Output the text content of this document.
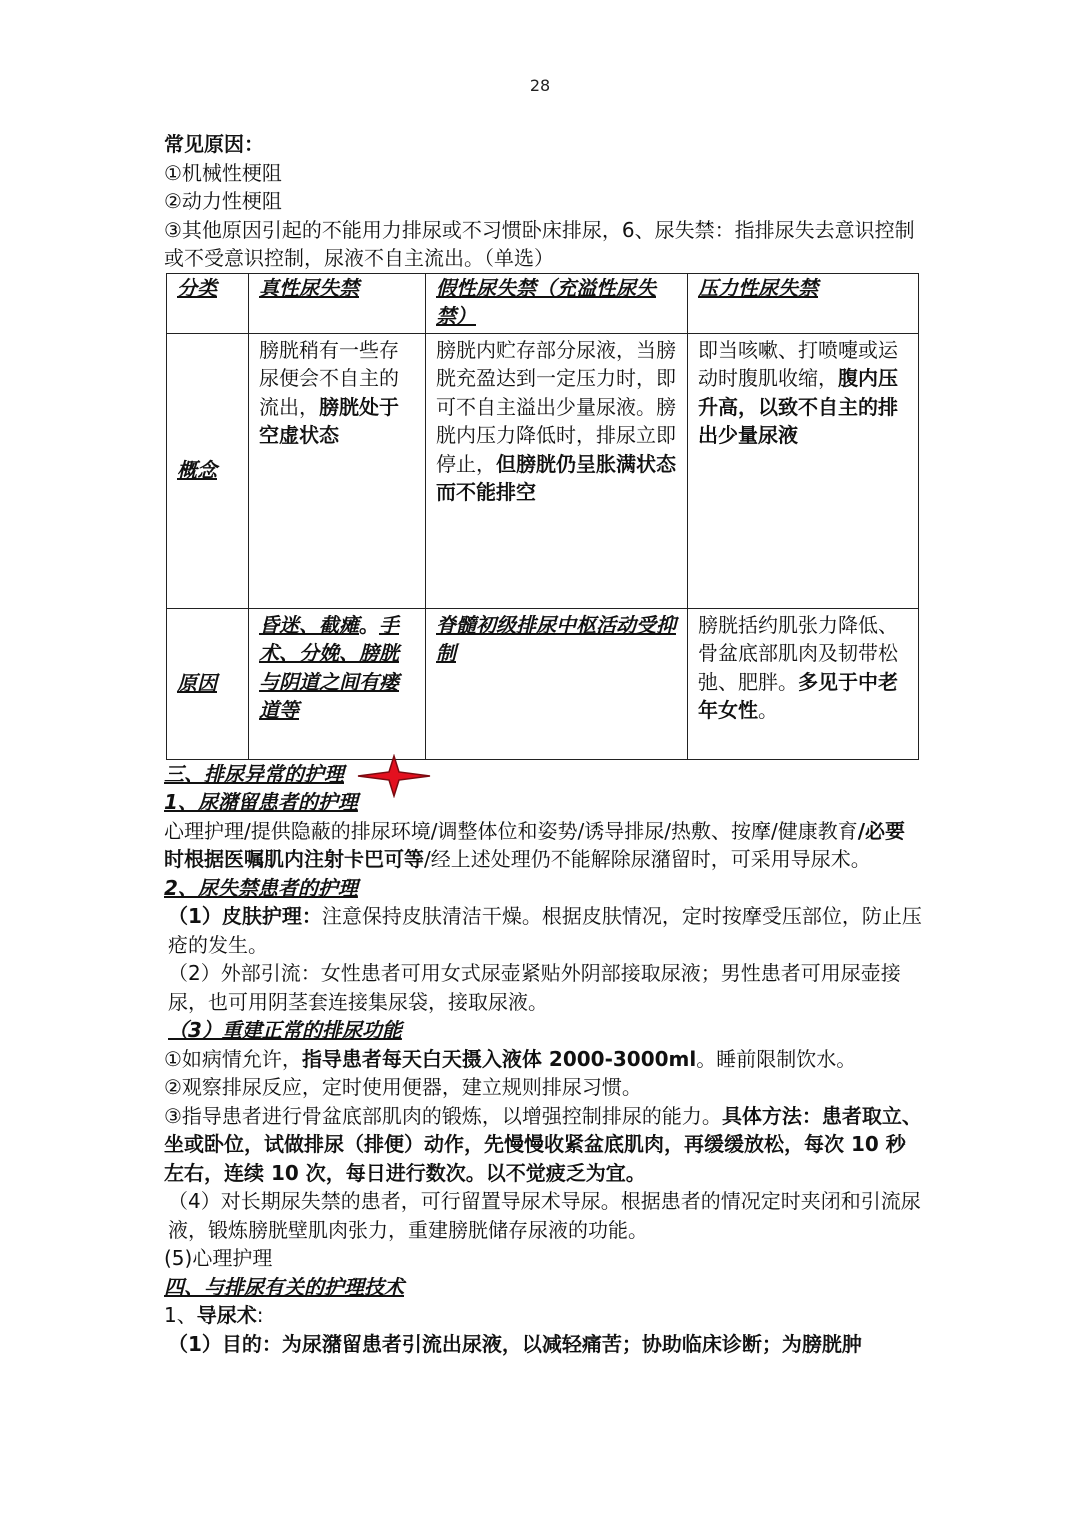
28
常见原因：
①机械性梗阻
②动力性梗阻
③其他原因引起的不能用力排尿或不习惯卧床排尿，6、尿失禁：指排尿失去意识控制或不受意识控制，尿液不自主流出。（单选）
分类	真性尿失禁	假性尿失禁（充溢性尿失禁）	压力性尿失禁

概念	膀胱稍有一些存尿便会不自主的流出，膀胱处于空虚状态	膀胱内贮存部分尿液，当膀胱充盈达到一定压力时，即可不自主溢出少量尿液。膀胱内压力降低时，排尿立即停止，但膀胱仍呈胀满状态而不能排空	即当咳嗽、打喷嚏或运动时腹肌收缩，腹内压升高，以致不自主的排出少量尿液

原因	昏迷、截瘫。手术、分娩、膀胱与阴道之间有瘘道等	脊髓初级排尿中枢活动受抑制	膀胱括约肌张力降低、骨盆底部肌肉及韧带松弛、肥胖。多见于中老年女性。
三、排尿异常的护理
1、尿潴留患者的护理
心理护理/提供隐蔽的排尿环境/调整体位和姿势/诱导排尿/热敷、按摩/健康教育/必要时根据医嘱肌内注射卡巴可等/经上述处理仍不能解除尿潴留时，可采用导尿术。
2、尿失禁患者的护理
（1）皮肤护理：注意保持皮肤清洁干燥。根据皮肤情况，定时按摩受压部位，防止压疮的发生。
（2）外部引流：女性患者可用女式尿壶紧贴外阴部接取尿液；男性患者可用尿壶接尿，也可用阴茎套连接集尿袋，接取尿液。
（3）重建正常的排尿功能
①如病情允许，指导患者每天白天摄入液体 2000-3000ml。睡前限制饮水。
②观察排尿反应，定时使用便器，建立规则排尿习惯。
③指导患者进行骨盆底部肌肉的锻炼，以增强控制排尿的能力。具体方法：患者取立、坐或卧位，试做排尿（排便）动作，先慢慢收紧盆底肌肉，再缓缓放松，每次 10 秒左右，连续 10 次，每日进行数次。以不觉疲乏为宜。
（4）对长期尿失禁的患者，可行留置导尿术导尿。根据患者的情况定时夹闭和引流尿液，锻炼膀胱壁肌肉张力，重建膀胱储存尿液的功能。
(5)心理护理
四、与排尿有关的护理技术
1、导尿术:
（1）目的：为尿潴留患者引流出尿液，以减轻痛苦；协助临床诊断；为膀胱肿
